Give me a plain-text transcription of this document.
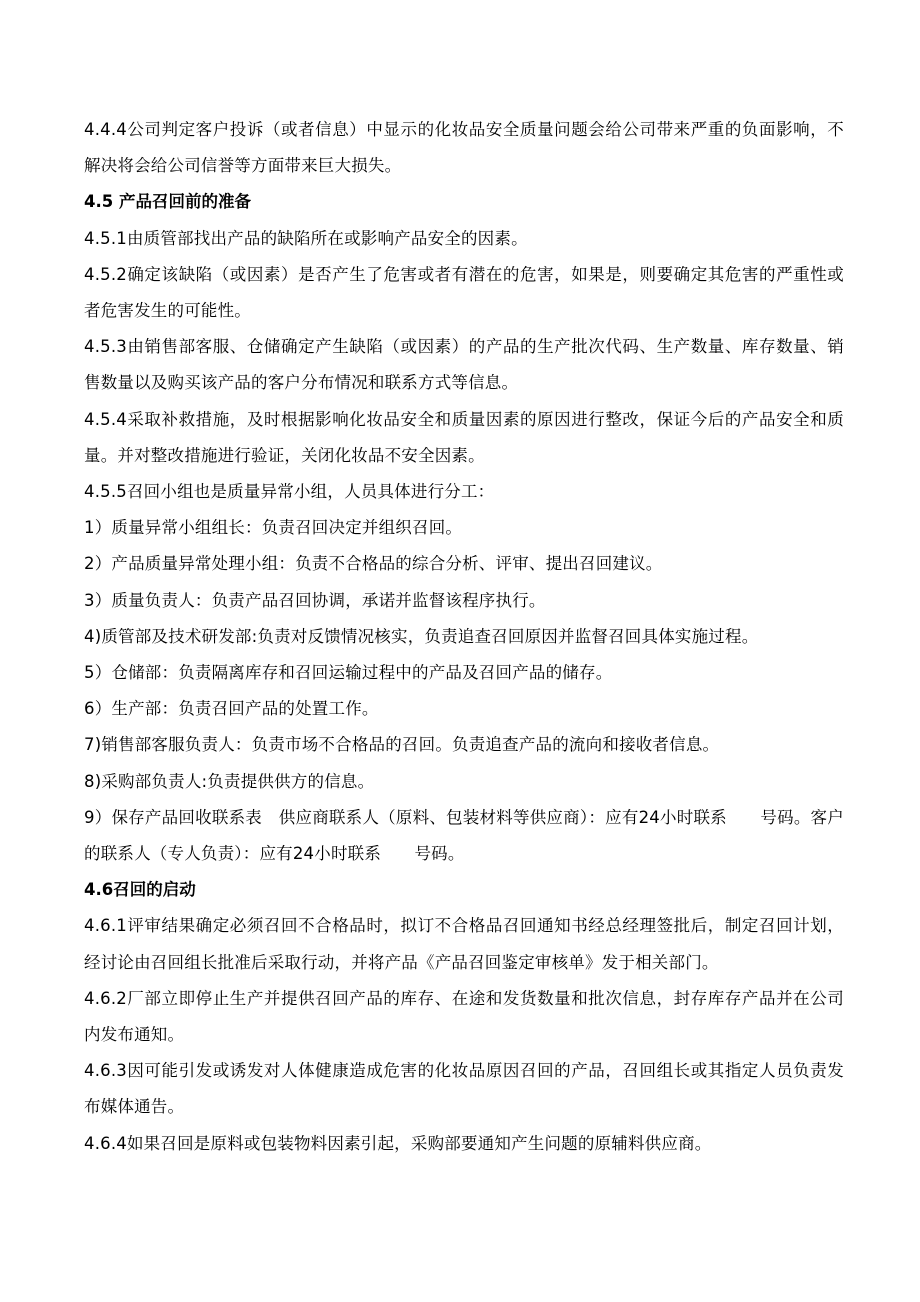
4.4.4公司判定客户投诉（或者信息）中显示的化妆品安全质量问题会给公司带来严重的负面影响，不解决将会给公司信誉等方面带来巨大损失。

4.5 产品召回前的准备

4.5.1由质管部找出产品的缺陷所在或影响产品安全的因素。

4.5.2确定该缺陷（或因素）是否产生了危害或者有潜在的危害，如果是，则要确定其危害的严重性或者危害发生的可能性。

4.5.3由销售部客服、仓储确定产生缺陷（或因素）的产品的生产批次代码、生产数量、库存数量、销售数量以及购买该产品的客户分布情况和联系方式等信息。

4.5.4采取补救措施，及时根据影响化妆品安全和质量因素的原因进行整改，保证今后的产品安全和质量。并对整改措施进行验证，关闭化妆品不安全因素。

4.5.5召回小组也是质量异常小组，人员具体进行分工：

1）质量异常小组组长：负责召回决定并组织召回。

2）产品质量异常处理小组：负责不合格品的综合分析、评审、提出召回建议。

3）质量负责人：负责产品召回协调，承诺并监督该程序执行。

4)质管部及技术研发部:负责对反馈情况核实，负责追查召回原因并监督召回具体实施过程。

5）仓储部：负责隔离库存和召回运输过程中的产品及召回产品的储存。

6）生产部：负责召回产品的处置工作。

7)销售部客服负责人：负责市场不合格品的召回。负责追查产品的流向和接收者信息。

8)采购部负责人:负责提供供方的信息。

9）保存产品回收联系表　供应商联系人（原料、包装材料等供应商）：应有24小时联系　　号码。客户的联系人（专人负责）：应有24小时联系　　号码。

4.6召回的启动

4.6.1评审结果确定必须召回不合格品时，拟订不合格品召回通知书经总经理签批后，制定召回计划，经讨论由召回组长批准后采取行动，并将产品《产品召回鉴定审核单》发于相关部门。

4.6.2厂部立即停止生产并提供召回产品的库存、在途和发货数量和批次信息，封存库存产品并在公司内发布通知。

4.6.3因可能引发或诱发对人体健康造成危害的化妆品原因召回的产品，召回组长或其指定人员负责发布媒体通告。

4.6.4如果召回是原料或包装物料因素引起，采购部要通知产生问题的原辅料供应商。
